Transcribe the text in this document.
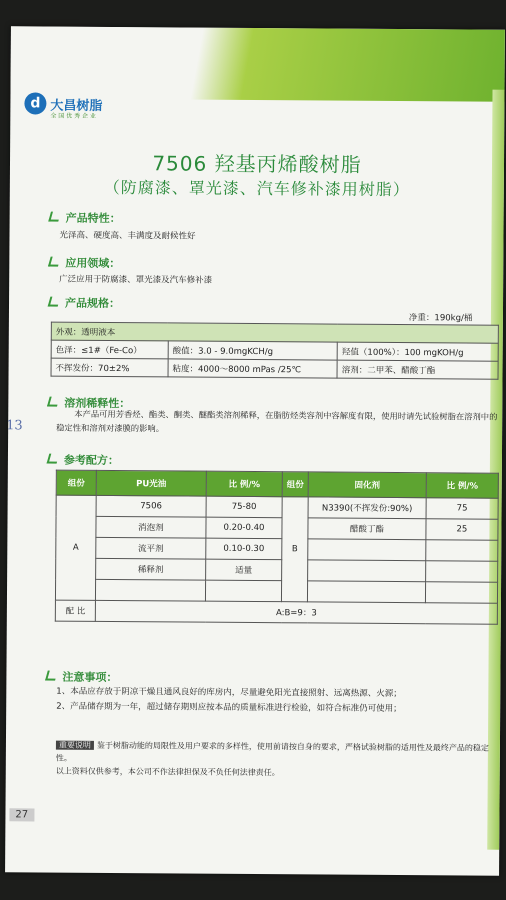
d 大昌树脂
全 国 优 秀 企 业
7506 羟基丙烯酸树脂
（防腐漆、罩光漆、汽车修补漆用树脂）
产品特性：
光泽高、硬度高、丰满度及耐候性好
应用领域：
广泛应用于防腐漆、罩光漆及汽车修补漆
产品规格：
净重：190kg/桶
外观：透明液本		
色泽：≤1#（Fe-Co）	酸值：3.0 - 9.0mgKCH/g	羟值（100%）：100 mgKOH/g
不挥发份：70±2%	粘度：4000～8000 mPas /25℃	溶剂：二甲苯、醋酸丁酯
溶剂稀释性：
本产品可用芳香烃、酯类、酮类、醚酯类溶剂稀释，在脂肪烃类容剂中容解度有限，使用时请先试验树脂在溶剂中的稳定性和溶剂对漆膜的影响。
13
参考配方：
组份	PU光油	比 例/%	组份	固化剂	比 例/%
A	7506	75-80	B	N3390(不挥发份:90%)	75
	消泡剂	0.20-0.40		醋酸丁酯	25
	流平剂	0.10-0.30			
	稀释剂	适量			

配 比	A:B=9：3				
注意事项：
1、本品应存放于阴凉干燥且通风良好的库房内，尽量避免阳光直接照射、远离热源、火源；
2、产品储存期为一年，超过储存期则应按本品的质量标准进行检验，如符合标准仍可使用；
重要说明 鉴于树脂动能的局限性及用户要求的多样性，使用前请按自身的要求，严格试验树脂的适用性及最终产品的稳定性。
以上资料仅供参考，本公司不作法律担保及不负任何法律责任。
27
